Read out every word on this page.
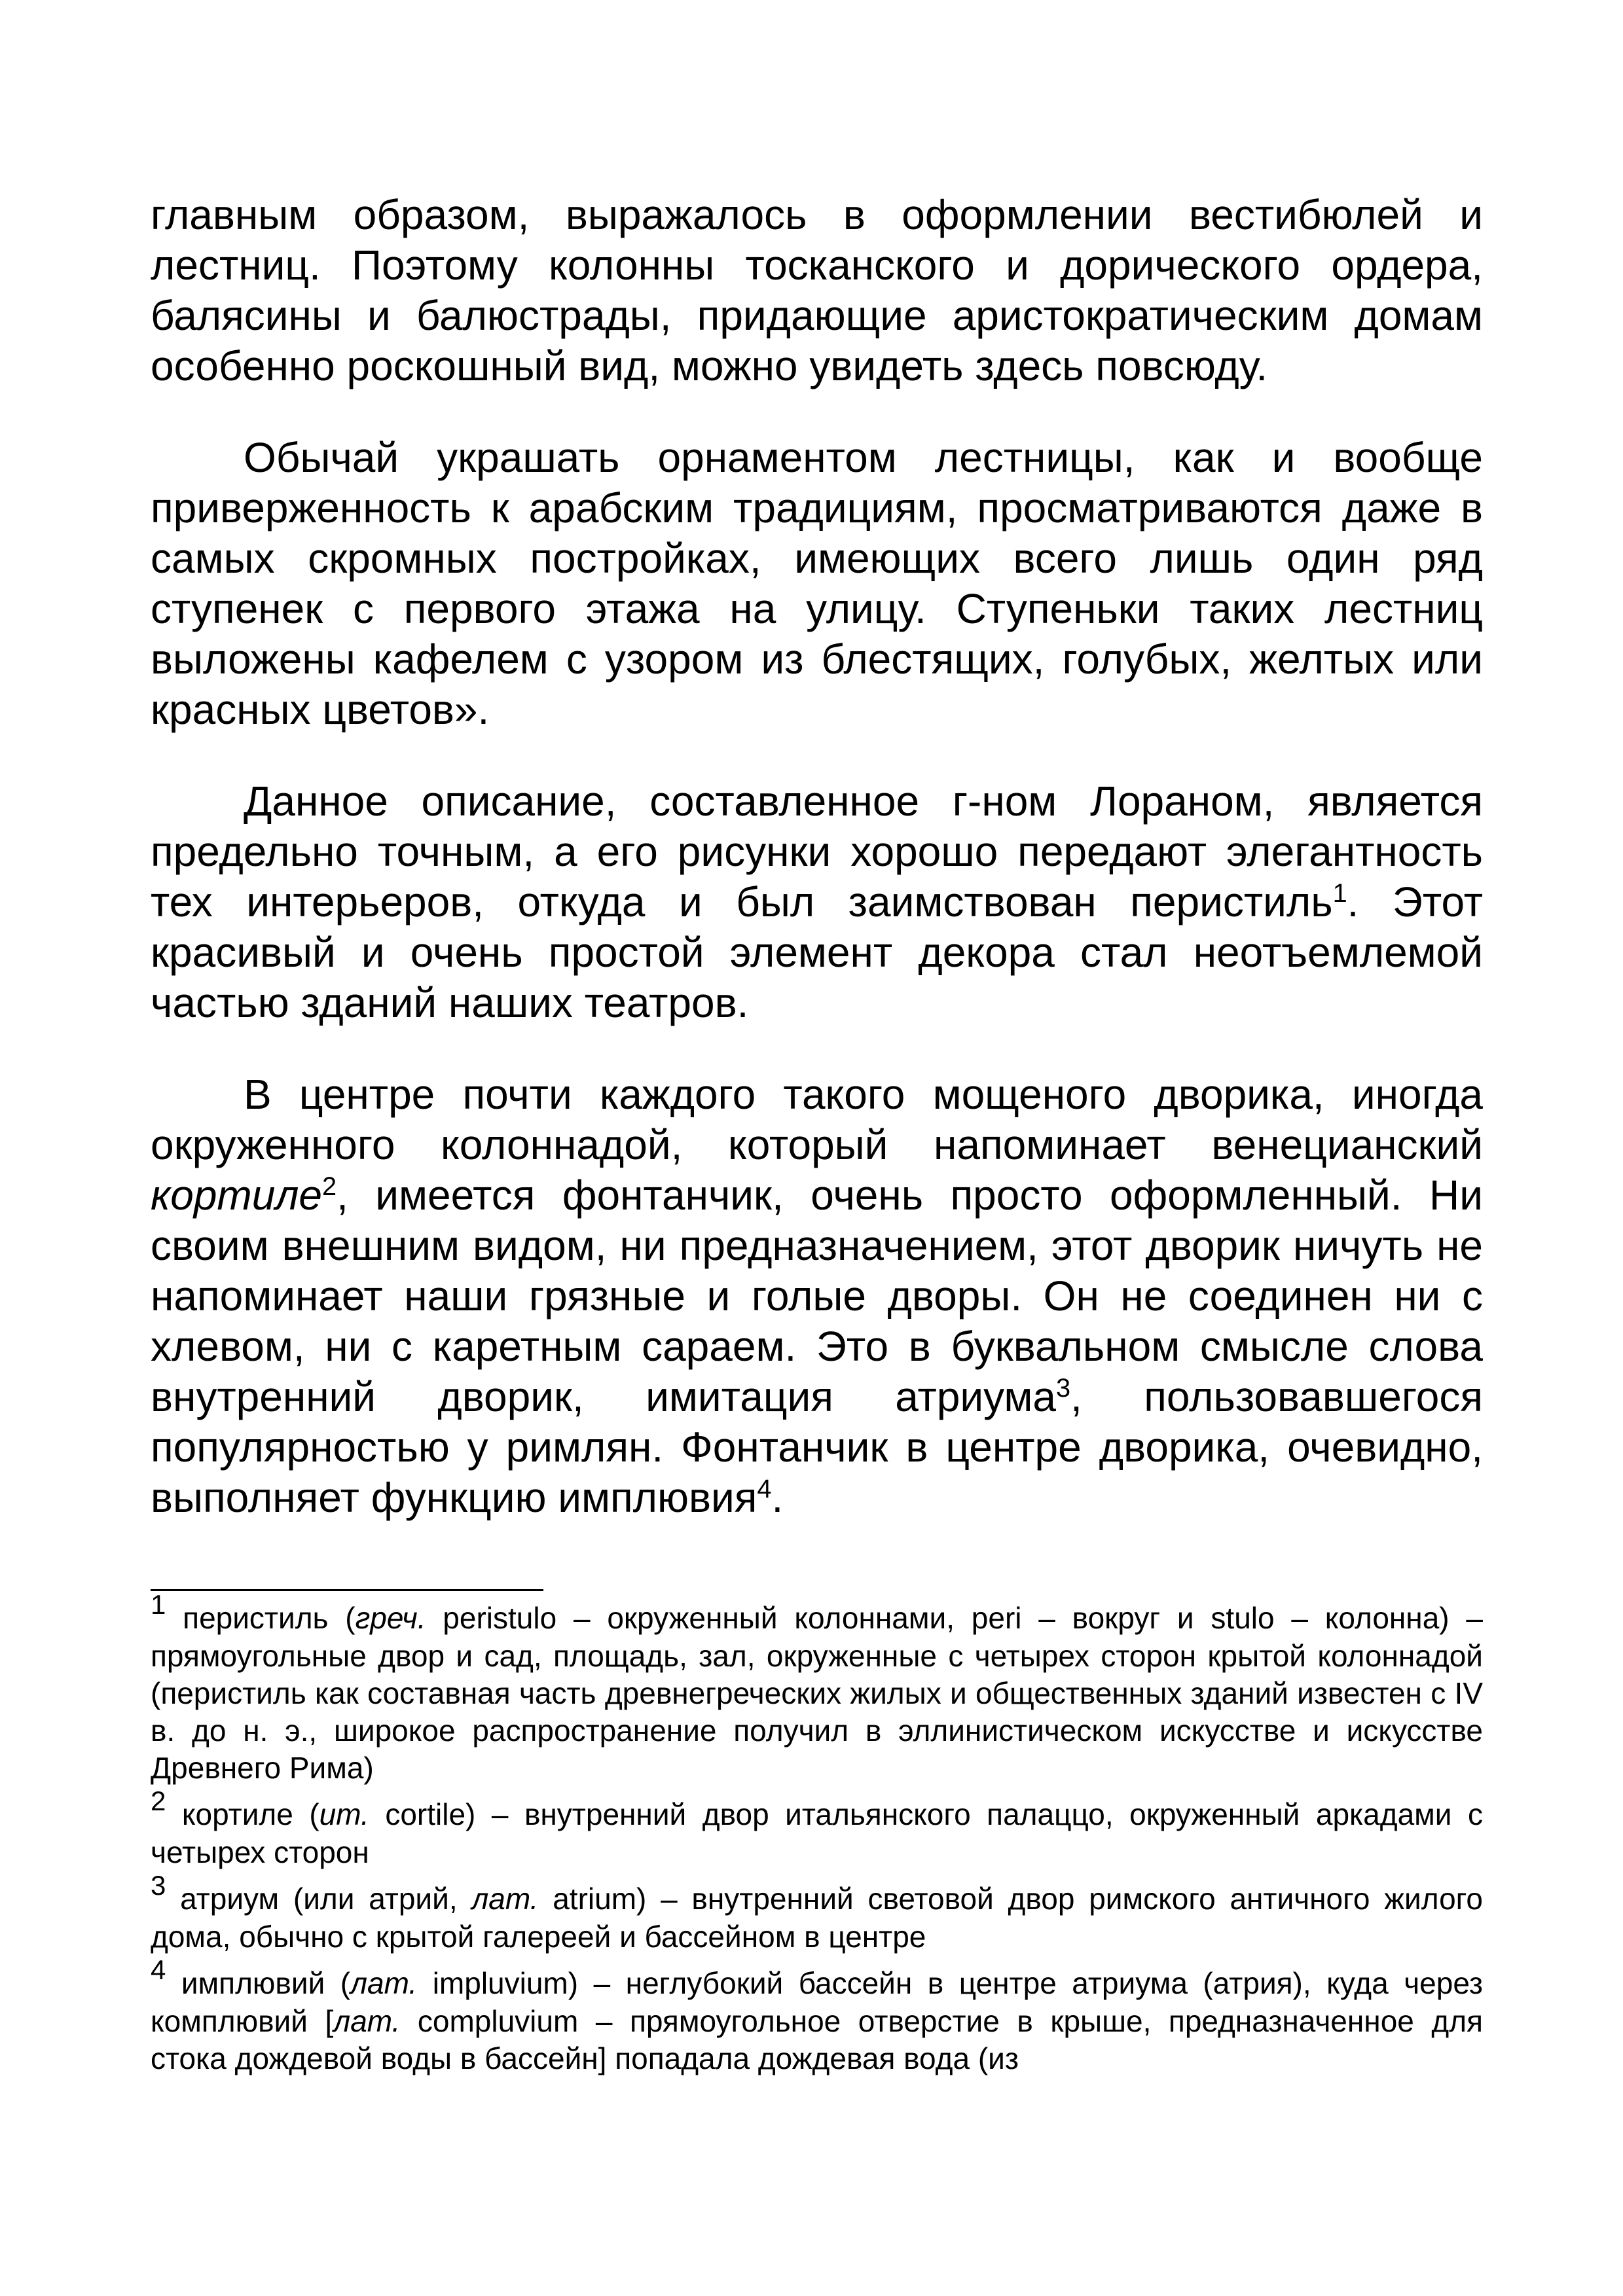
главным образом, выражалось в оформлении вестибюлей и лестниц. Поэтому колонны тосканского и дорического ордера, балясины и балюстрады, придающие аристократическим домам особенно роскошный вид, можно увидеть здесь повсюду.

Обычай украшать орнаментом лестницы, как и вообще приверженность к арабским традициям, просматриваются даже в самых скромных постройках, имеющих всего лишь один ряд ступенек с первого этажа на улицу. Ступеньки таких лестниц выложены кафелем с узором из блестящих, голубых, желтых или красных цветов».

Данное описание, составленное г-ном Лораном, является предельно точным, а его рисунки хорошо передают элегантность тех интерьеров, откуда и был заимствован перистиль$^1$. Этот красивый и очень простой элемент декора стал неотъемлемой частью зданий наших театров.

В центре почти каждого такого мощеного дворика, иногда окруженного колоннадой, который напоминает венецианский кортиле$^2$, имеется фонтанчик, очень просто оформленный. Ни своим внешним видом, ни предназначением, этот дворик ничуть не напоминает наши грязные и голые дворы. Он не соединен ни с хлевом, ни с каретным сараем. Это в буквальном смысле слова внутренний дворик, имитация атриума$^3$, пользовавшегося популярностью у римлян. Фонтанчик в центре дворика, очевидно, выполняет функцию имплювия$^4$.

1 перистиль (греч. peristulo – окруженный колоннами, peri – вокруг и stulo – колонна) – прямоугольные двор и сад, площадь, зал, окруженные с четырех сторон крытой колоннадой (перистиль как составная часть древнегреческих жилых и общественных зданий известен с IV в. до н. э., широкое распространение получил в эллинистическом искусстве и искусстве Древнего Рима)

2 кортиле (ит. cortile) – внутренний двор итальянского палаццо, окруженный аркадами с четырех сторон

3 атриум (или атрий, лат. atrium) – внутренний световой двор римского античного жилого дома, обычно с крытой галереей и бассейном в центре

4 имплювий (лат. impluvium) – неглубокий бассейн в центре атриума (атрия), куда через комплювий [лат. compluvium – прямоугольное отверстие в крыше, предназначенное для стока дождевой воды в бассейн] попадала дождевая вода (из
